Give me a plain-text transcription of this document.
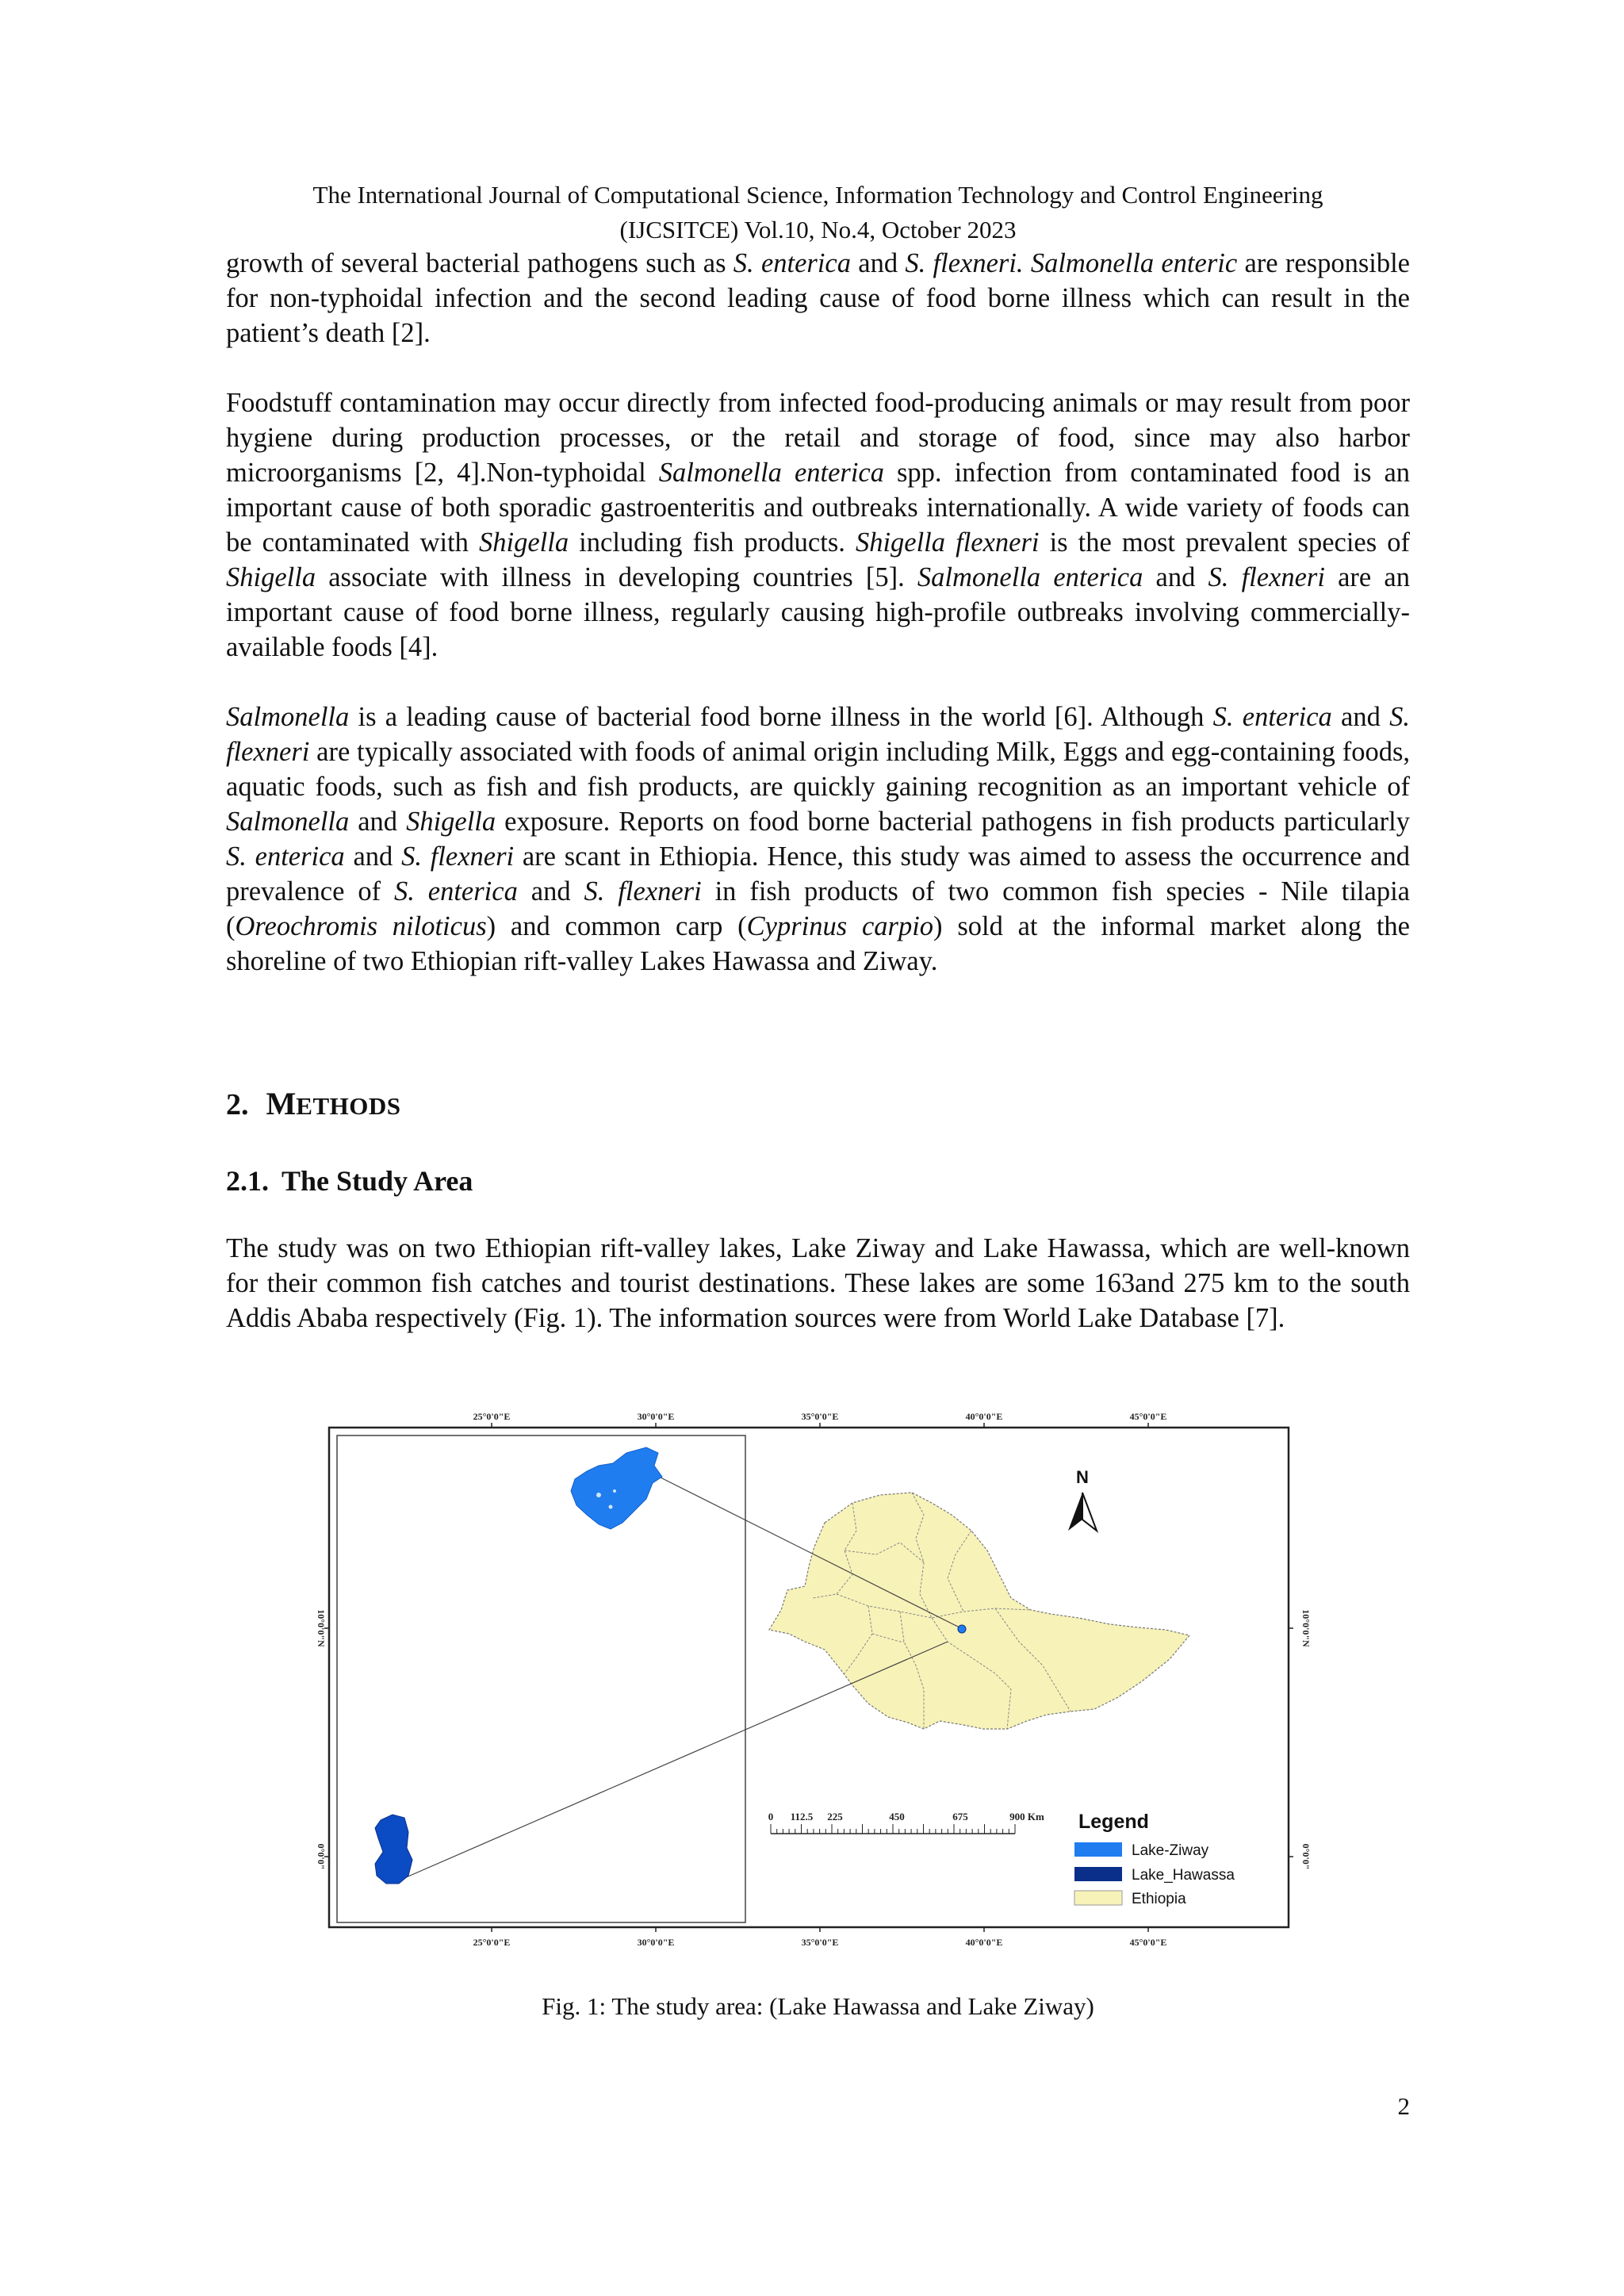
The International Journal of Computational Science, Information Technology and Control Engineering
(IJCSITCE) Vol.10, No.4, October 2023

growth of several bacterial pathogens such as S. enterica and S. flexneri. Salmonella enteric are responsible for non-typhoidal infection and the second leading cause of food borne illness which can result in the patient’s death [2].

Foodstuff contamination may occur directly from infected food-producing animals or may result from poor hygiene during production processes, or the retail and storage of food, since may also harbor microorganisms [2, 4].Non-typhoidal Salmonella enterica spp. infection from contaminated food is an important cause of both sporadic gastroenteritis and outbreaks internationally. A wide variety of foods can be contaminated with Shigella including fish products. Shigella flexneri is the most prevalent species of Shigella associate with illness in developing countries [5]. Salmonella enterica and S. flexneri are an important cause of food borne illness, regularly causing high-profile outbreaks involving commercially-available foods [4].

Salmonella is a leading cause of bacterial food borne illness in the world [6]. Although S. enterica and S. flexneri are typically associated with foods of animal origin including Milk, Eggs and egg-containing foods, aquatic foods, such as fish and fish products, are quickly gaining recognition as an important vehicle of Salmonella and Shigella exposure. Reports on food borne bacterial pathogens in fish products particularly S. enterica and S. flexneri are scant in Ethiopia. Hence, this study was aimed to assess the occurrence and prevalence of S. enterica and S. flexneri in fish products of two common fish species - Nile tilapia (Oreochromis niloticus) and common carp (Cyprinus carpio) sold at the informal market along the shoreline of two Ethiopian rift-valley Lakes Hawassa and Ziway.

2. METHODS
2.1. The Study Area

The study was on two Ethiopian rift-valley lakes, Lake Ziway and Lake Hawassa, which are well-known for their common fish catches and tourist destinations. These lakes are some 163and 275 km to the south Addis Ababa respectively (Fig. 1). The information sources were from World Lake Database [7].

25°0'0"E	30°0'0"E	35°0'0"E	40°0'0"E	45°0'0"E
25°0'0"E	30°0'0"E	35°0'0"E	40°0'0"E	45°0'0"E
10°0'0"N
0°0'0"
10°0'0"N
0°0'0"
N
0 112.5 225	450	675	900 Km Legend
Lake-Ziway
Lake_Hawassa
Ethiopia
Fig. 1: The study area: (Lake Hawassa and Lake Ziway)
2
